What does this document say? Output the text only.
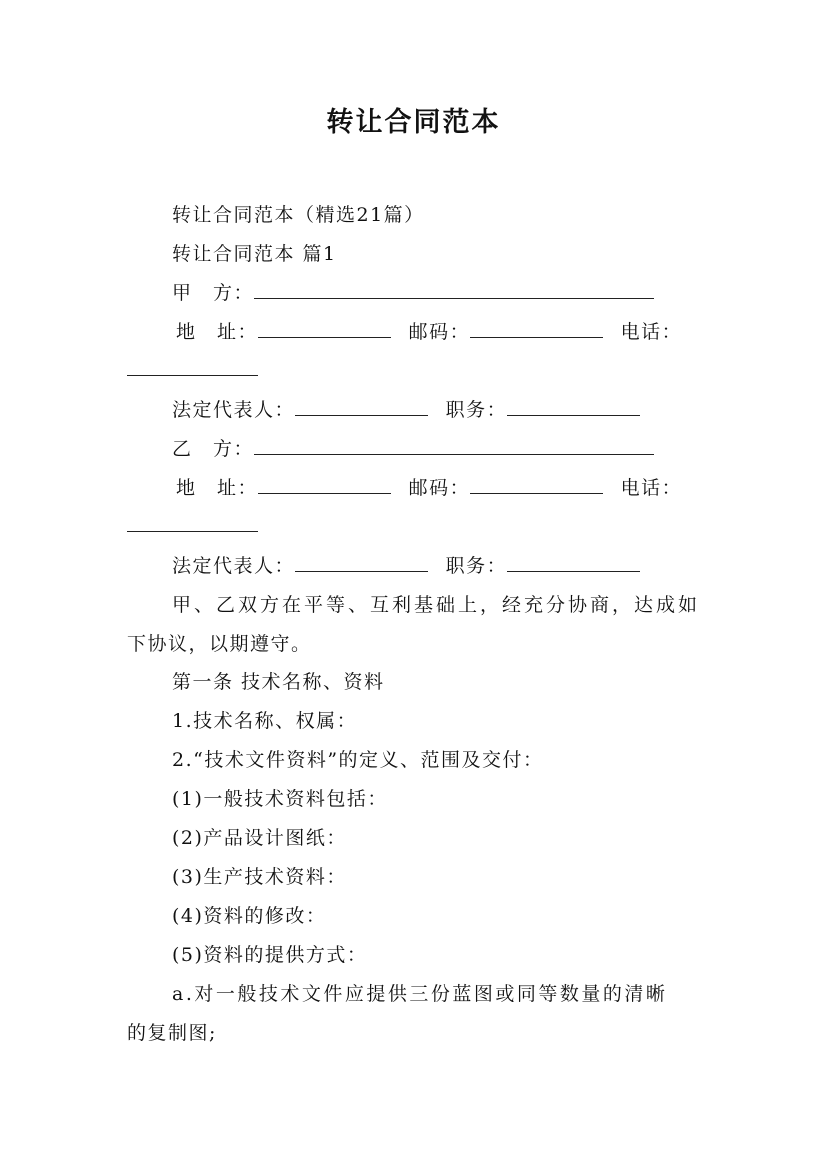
转让合同范本
转让合同范本（精选21篇）
转让合同范本 篇1
甲　方：
地　址：	邮码：	电话：
法定代表人：	职务：
乙　方：
地　址：	邮码：	电话：
法定代表人：	职务：
甲、乙双方在平等、互利基础上，经充分协商，达成如
下协议，以期遵守。
第一条 技术名称、资料
1.技术名称、权属：
2.“技术文件资料”的定义、范围及交付：
(1)一般技术资料包括：
(2)产品设计图纸：
(3)生产技术资料：
(4)资料的修改：
(5)资料的提供方式：
a.对一般技术文件应提供三份蓝图或同等数量的清晰
的复制图;
